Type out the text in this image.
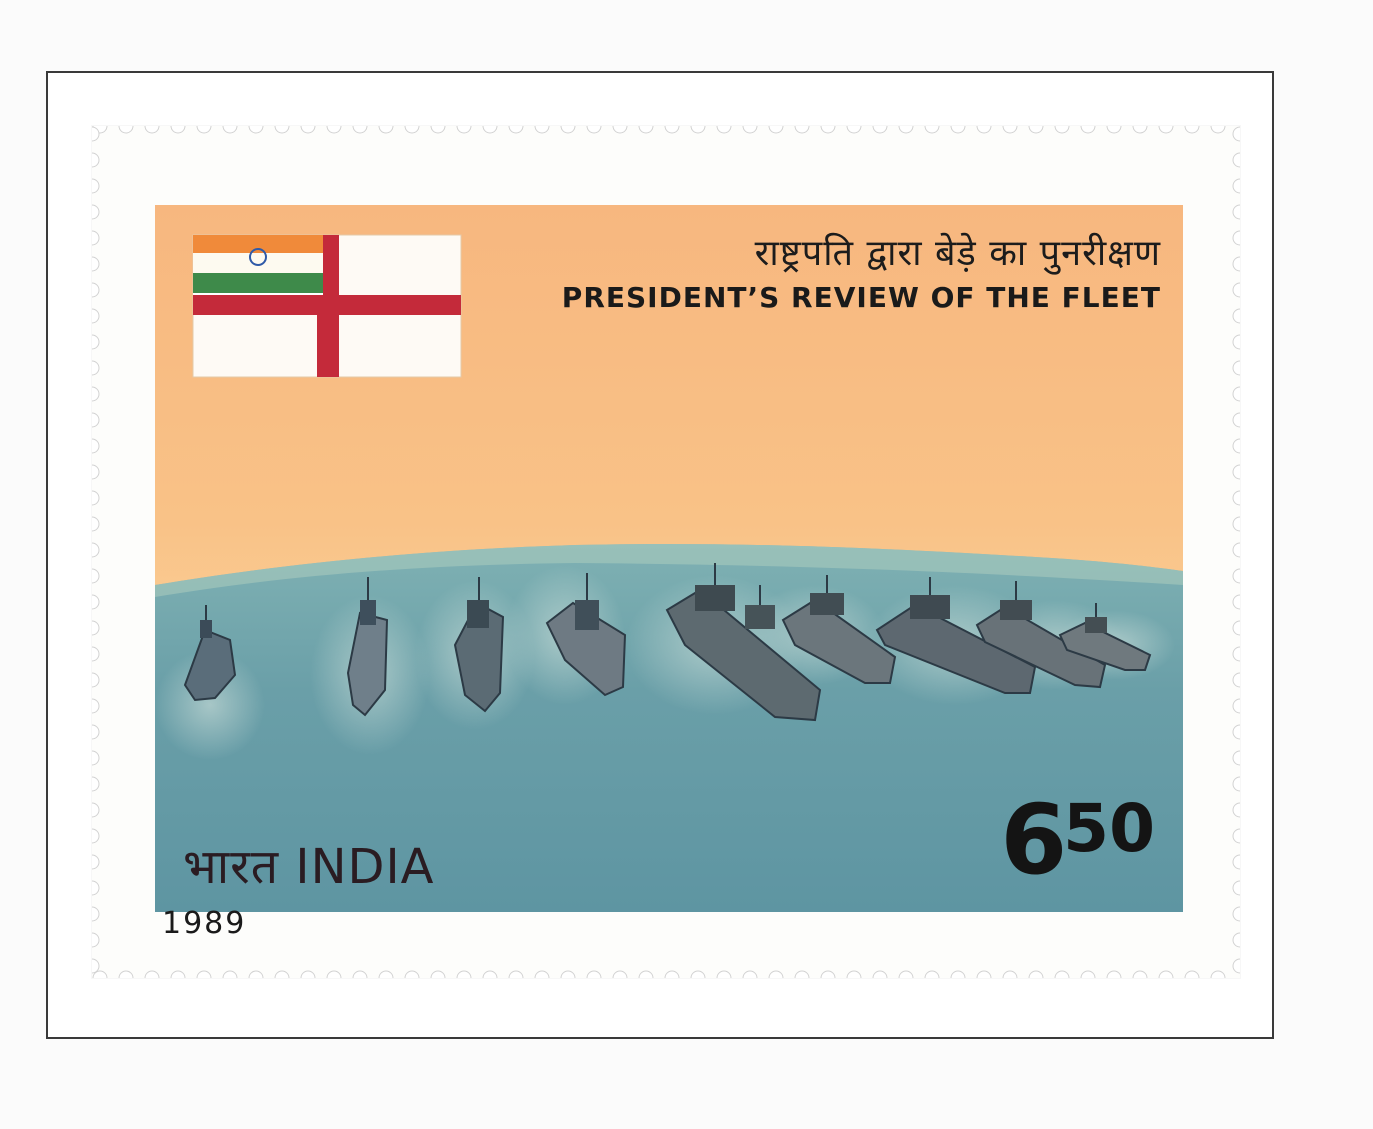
राष्ट्रपति द्वारा बेड़े का पुनरीक्षण

PRESIDENT’S REVIEW OF THE FLEET

भारत INDIA	650
1989
